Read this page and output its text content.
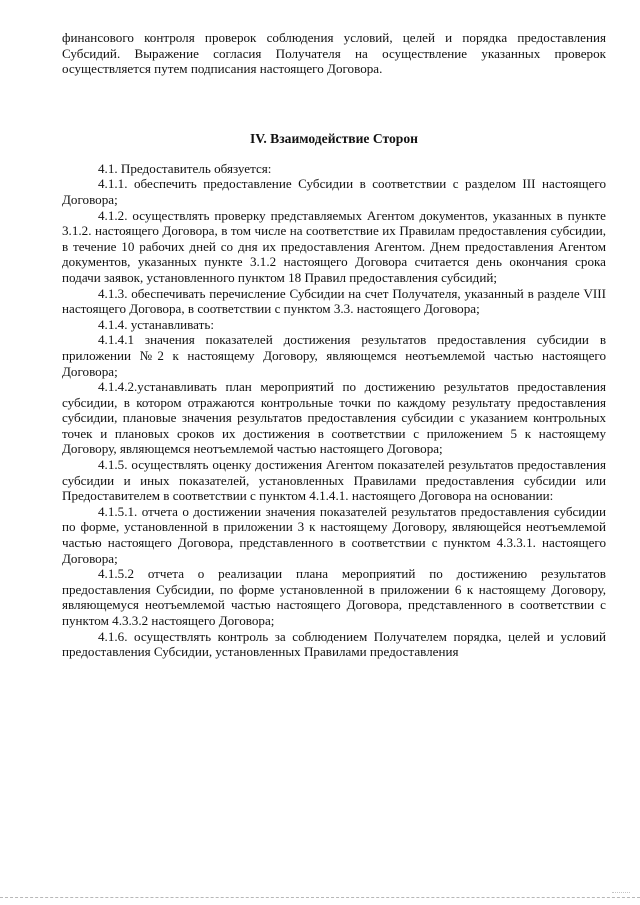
финансового контроля проверок соблюдения условий, целей и порядка предоставления Субсидий. Выражение согласия Получателя на осуществление указанных проверок осуществляется путем подписания настоящего Договора.

IV. Взаимодействие Сторон

4.1. Предоставитель обязуется:

4.1.1. обеспечить предоставление Субсидии в соответствии с разделом III настоящего Договора;

4.1.2. осуществлять проверку представляемых Агентом документов, указанных в пункте 3.1.2. настоящего Договора, в том числе на соответствие их Правилам предоставления субсидии, в течение 10 рабочих дней со дня их предоставления Агентом. Днем предоставления Агентом документов, указанных пункте 3.1.2 настоящего Договора считается день окончания срока подачи заявок, установленного пунктом 18 Правил предоставления субсидий;

4.1.3. обеспечивать перечисление Субсидии на счет Получателя, указанный в разделе VIII настоящего Договора, в соответствии с пунктом 3.3. настоящего Договора;

4.1.4. устанавливать:

4.1.4.1 значения показателей достижения результатов предоставления субсидии в приложении №2 к настоящему Договору, являющемся неотъемлемой частью настоящего Договора;

4.1.4.2.устанавливать план мероприятий по достижению результатов предоставления субсидии, в котором отражаются контрольные точки по каждому результату предоставления субсидии, плановые значения результатов предоставления субсидии с указанием контрольных точек и плановых сроков их достижения в соответствии с приложением 5 к настоящему Договору, являющемся неотъемлемой частью настоящего Договора;

4.1.5. осуществлять оценку достижения Агентом показателей результатов предоставления субсидии и иных показателей, установленных Правилами предоставления субсидии или Предоставителем в соответствии с пунктом 4.1.4.1. настоящего Договора на основании:

4.1.5.1. отчета о достижении значения показателей результатов предоставления субсидии по форме, установленной в приложении 3 к настоящему Договору, являющейся неотъемлемой частью настоящего Договора, представленного в соответствии с пунктом 4.3.3.1. настоящего Договора;

4.1.5.2 отчета о реализации плана мероприятий по достижению результатов предоставления Субсидии, по форме установленной в приложении 6 к настоящему Договору, являющемуся неотъемлемой частью настоящего Договора, представленного в соответствии с пунктом 4.3.3.2 настоящего Договора;

4.1.6. осуществлять контроль за соблюдением Получателем порядка, целей и условий предоставления Субсидии, установленных Правилами предоставления
